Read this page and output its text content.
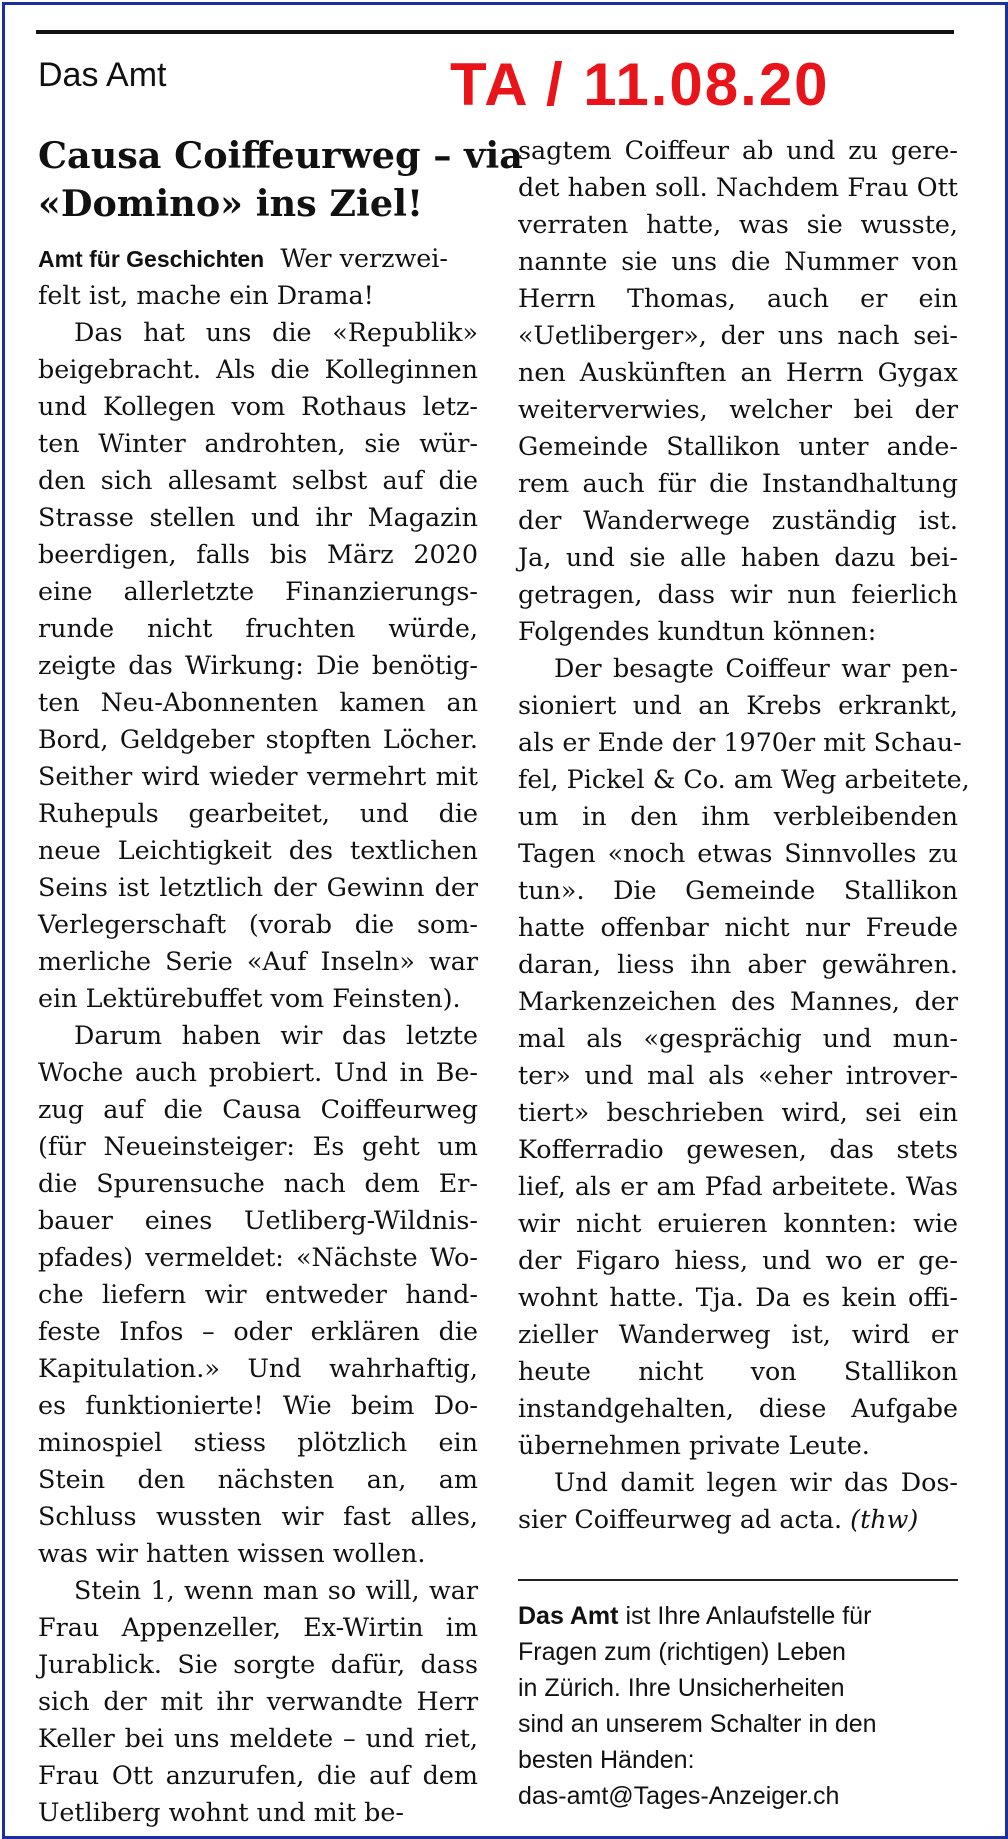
Das Amt	TA / 11.08.20
Causa Coiffeurweg – via
«Domino» ins Ziel!
Amt für Geschichten  Wer verzwei-
felt ist, mache ein Drama!
Das hat uns die «Republik»
beigebracht. Als die Kolleginnen
und Kollegen vom Rothaus letz-
ten Winter androhten, sie wür-
den sich allesamt selbst auf die
Strasse stellen und ihr Magazin
beerdigen, falls bis März 2020
eine allerletzte Finanzierungs-
runde nicht fruchten würde,
zeigte das Wirkung: Die benötig-
ten Neu-Abonnenten kamen an
Bord, Geldgeber stopften Löcher.
Seither wird wieder vermehrt mit
Ruhepuls gearbeitet, und die
neue Leichtigkeit des textlichen
Seins ist letztlich der Gewinn der
Verlegerschaft (vorab die som-
merliche Serie «Auf Inseln» war
ein Lektürebuffet vom Feinsten).
Darum haben wir das letzte
Woche auch probiert. Und in Be-
zug auf die Causa Coiffeurweg
(für Neueinsteiger: Es geht um
die Spurensuche nach dem Er-
bauer eines Uetliberg-Wildnis-
pfades) vermeldet: «Nächste Wo-
che liefern wir entweder hand-
feste Infos – oder erklären die
Kapitulation.» Und wahrhaftig,
es funktionierte! Wie beim Do-
minospiel stiess plötzlich ein
Stein den nächsten an, am
Schluss wussten wir fast alles,
was wir hatten wissen wollen.
Stein 1, wenn man so will, war
Frau Appenzeller, Ex-Wirtin im
Jurablick. Sie sorgte dafür, dass
sich der mit ihr verwandte Herr
Keller bei uns meldete – und riet,
Frau Ott anzurufen, die auf dem
Uetliberg wohnt und mit be-
sagtem Coiffeur ab und zu gere-
det haben soll. Nachdem Frau Ott
verraten hatte, was sie wusste,
nannte sie uns die Nummer von
Herrn Thomas, auch er ein
«Uetliberger», der uns nach sei-
nen Auskünften an Herrn Gygax
weiterverwies, welcher bei der
Gemeinde Stallikon unter ande-
rem auch für die Instandhaltung
der Wanderwege zuständig ist.
Ja, und sie alle haben dazu bei-
getragen, dass wir nun feierlich
Folgendes kundtun können:
Der besagte Coiffeur war pen-
sioniert und an Krebs erkrankt,
als er Ende der 1970er mit Schau-
fel, Pickel & Co. am Weg arbeitete,
um in den ihm verbleibenden
Tagen «noch etwas Sinnvolles zu
tun». Die Gemeinde Stallikon
hatte offenbar nicht nur Freude
daran, liess ihn aber gewähren.
Markenzeichen des Mannes, der
mal als «gesprächig und mun-
ter» und mal als «eher introver-
tiert» beschrieben wird, sei ein
Kofferradio gewesen, das stets
lief, als er am Pfad arbeitete. Was
wir nicht eruieren konnten: wie
der Figaro hiess, und wo er ge-
wohnt hatte. Tja. Da es kein offi-
zieller Wanderweg ist, wird er
heute nicht von Stallikon
instandgehalten, diese Aufgabe
übernehmen private Leute.
Und damit legen wir das Dos-
sier Coiffeurweg ad acta. (thw)
Das Amt ist Ihre Anlaufstelle für
Fragen zum (richtigen) Leben
in Zürich. Ihre Unsicherheiten
sind an unserem Schalter in den
besten Händen:
das-amt@Tages-Anzeiger.ch
